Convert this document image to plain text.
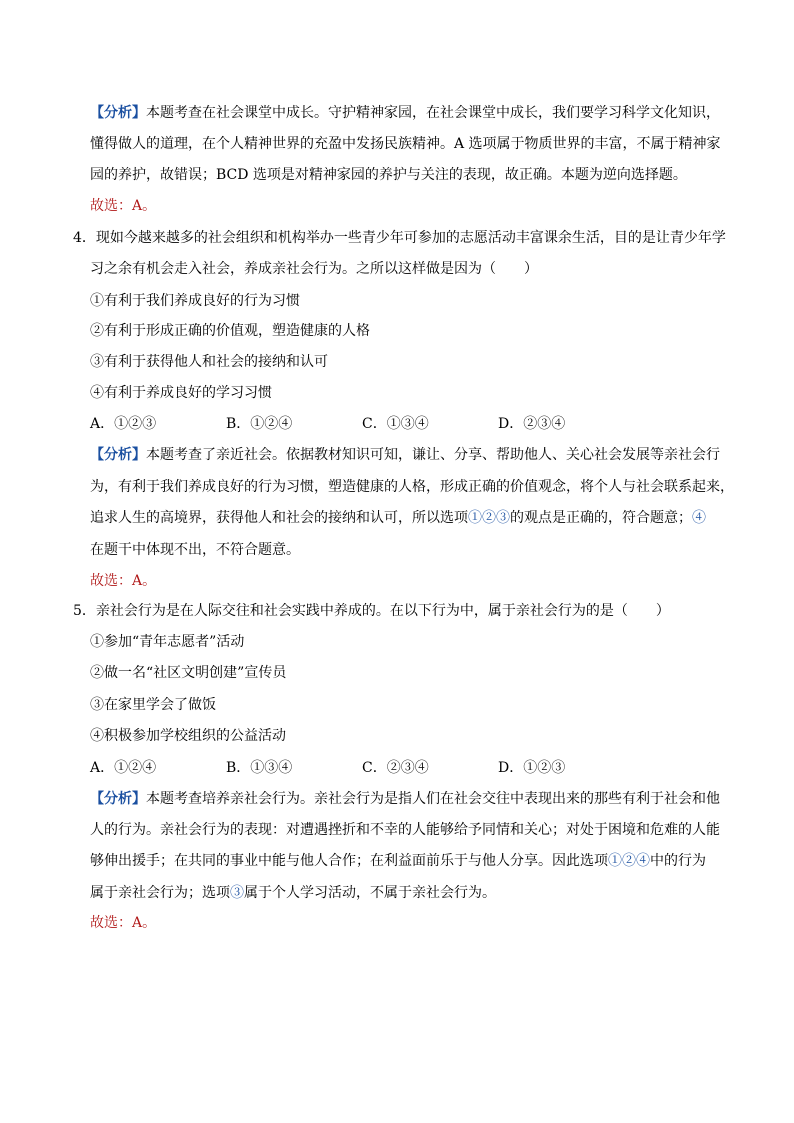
【分析】本题考查在社会课堂中成长。守护精神家园，在社会课堂中成长，我们要学习科学文化知识，
懂得做人的道理，在个人精神世界的充盈中发扬民族精神。A 选项属于物质世界的丰富，不属于精神家
园的养护，故错误；BCD 选项是对精神家园的养护与关注的表现，故正确。本题为逆向选择题。
故选：A。
4．现如今越来越多的社会组织和机构举办一些青少年可参加的志愿活动丰富课余生活，目的是让青少年学
习之余有机会走入社会，养成亲社会行为。之所以这样做是因为（　　）
①有利于我们养成良好的行为习惯
②有利于形成正确的价值观，塑造健康的人格
③有利于获得他人和社会的接纳和认可
④有利于养成良好的学习习惯
A．①②③	B．①②④	C．①③④	D．②③④
【分析】本题考查了亲近社会。依据教材知识可知，谦让、分享、帮助他人、关心社会发展等亲社会行
为，有利于我们养成良好的行为习惯，塑造健康的人格，形成正确的价值观念，将个人与社会联系起来，
追求人生的高境界，获得他人和社会的接纳和认可，所以选项①②③的观点是正确的，符合题意；④
在题干中体现不出，不符合题意。
故选：A。
5．亲社会行为是在人际交往和社会实践中养成的。在以下行为中，属于亲社会行为的是（　　）
①参加“青年志愿者”活动
②做一名“社区文明创建”宣传员
③在家里学会了做饭
④积极参加学校组织的公益活动
A．①②④	B．①③④	C．②③④	D．①②③
【分析】本题考查培养亲社会行为。亲社会行为是指人们在社会交往中表现出来的那些有利于社会和他
人的行为。亲社会行为的表现：对遭遇挫折和不幸的人能够给予同情和关心；对处于困境和危难的人能
够伸出援手；在共同的事业中能与他人合作；在利益面前乐于与他人分享。因此选项①②④中的行为
属于亲社会行为；选项③属于个人学习活动，不属于亲社会行为。
故选：A。
